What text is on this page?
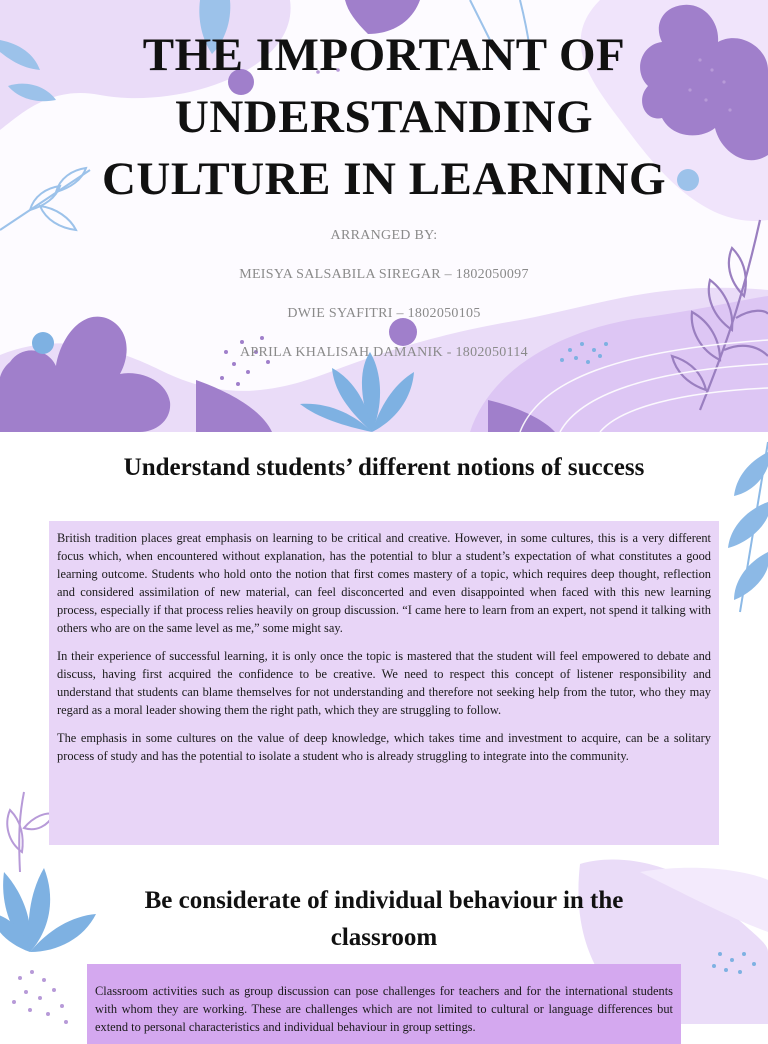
THE IMPORTANT OF
UNDERSTANDING
CULTURE IN LEARNING
ARRANGED BY:
MEISYA SALSABILA SIREGAR – 1802050097
DWIE SYAFITRI – 1802050105
APRILA KHALISAH DAMANIK - 1802050114
Understand students’ different notions of success
Be considerate of individual behaviour in the
classroom

British tradition places great emphasis on learning to be critical and creative. However, in some cultures, this is a very different focus which, when encountered without explanation, has the potential to blur a student’s expectation of what constitutes a good learning outcome. Students who hold onto the notion that first comes mastery of a topic, which requires deep thought, reflection and considered assimilation of new material, can feel disconcerted and even disappointed when faced with this new learning process, especially if that process relies heavily on group discussion. “I came here to learn from an expert, not spend it talking with others who are on the same level as me,” some might say.

In their experience of successful learning, it is only once the topic is mastered that the student will feel empowered to debate and discuss, having first acquired the confidence to be creative. We need to respect this concept of listener responsibility and understand that students can blame themselves for not understanding and therefore not seeking help from the tutor, who they may regard as a moral leader showing them the right path, which they are struggling to follow.

The emphasis in some cultures on the value of deep knowledge, which takes time and investment to acquire, can be a solitary process of study and has the potential to isolate a student who is already struggling to integrate into the community.

Classroom activities such as group discussion can pose challenges for teachers and for the international students with whom they are working. These are challenges which are not limited to cultural or language differences but extend to personal characteristics and individual behaviour in group settings.
